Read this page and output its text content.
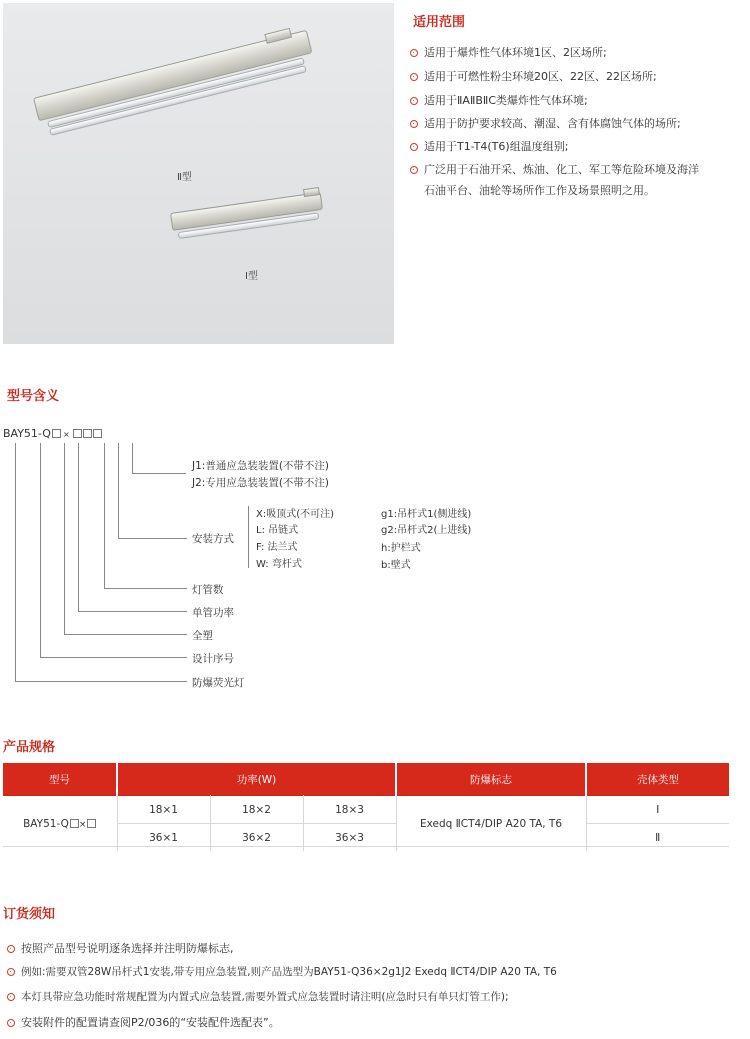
Ⅱ型
Ⅰ型
适用范围
适用于爆炸性气体环境1区、2区场所;
适用于可燃性粉尘环境20区、22区、22区场所;
适用于ⅡAⅡBⅡC类爆炸性气体环境;
适用于防护要求较高、潮湿、含有体腐蚀气体的场所;
适用于T1-T4(T6)组温度组别;
广泛用于石油开采、炼油、化工、军工等危险环境及海洋
石油平台、油轮等场所作工作及场景照明之用。
型号含义
BAY51-Q ×
J1:普通应急装装置(不带不注)
J2:专用应急装装置(不带不注)
安装方式
X:吸顶式(不可注)
L: 吊链式
F: 法兰式
W: 弯杆式
g1:吊杆式1(侧进线)
g2:吊杆式2(上进线)
h:护栏式
b:壁式
灯管数
单管功率
全塑
设计序号
防爆荧光灯
产品规格
型号	功率(W)			防爆标志	壳体类型
BAY51-Q ×	18×1	18×2	18×3	Exedq ⅡCT4/DIP A20 TA, T6	Ⅰ
	36×1	36×2	36×3		Ⅱ
订货须知
按照产品型号说明逐条选择并注明防爆标志,
例如:需要双管28W吊杆式1安装,带专用应急装置,则产品选型为BAY51-Q36×2g1J2 Exedq ⅡCT4/DIP A20 TA, T6
本灯具带应急功能时常规配置为内置式应急装置,需要外置式应急装置时请注明(应急时只有单只灯管工作);
安装附件的配置请查阅P2/036的“安装配件选配表”。
